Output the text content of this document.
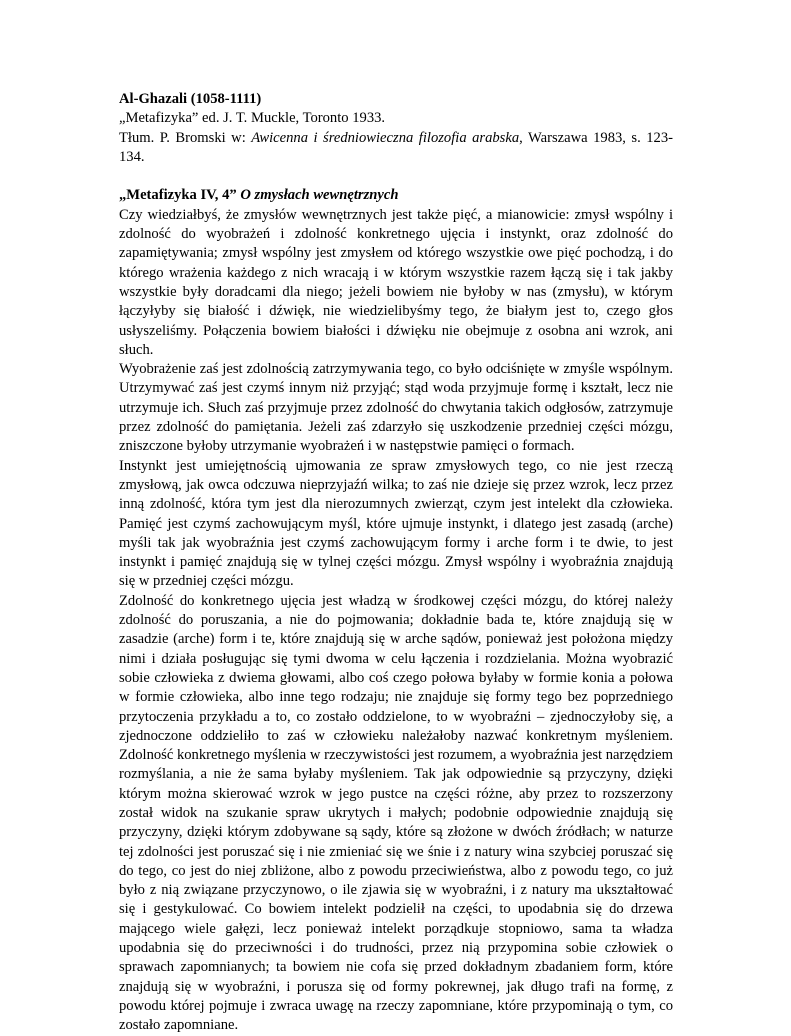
Al-Ghazali (1058-1111)

„Metafizyka” ed. J. T. Muckle, Toronto 1933.

Tłum. P. Bromski w: Awicenna i średniowieczna filozofia arabska, Warszawa 1983, s. 123-134.

„Metafizyka IV, 4” O zmysłach wewnętrznych

Czy wiedziałbyś, że zmysłów wewnętrznych jest także pięć, a mianowicie: zmysł wspólny i zdolność do wyobrażeń i zdolność konkretnego ujęcia i instynkt, oraz zdolność do zapamiętywania; zmysł wspólny jest zmysłem od którego wszystkie owe pięć pochodzą, i do którego wrażenia każdego z nich wracają i w którym wszystkie razem łączą się i tak jakby wszystkie były doradcami dla niego; jeżeli bowiem nie byłoby w nas (zmysłu), w którym łączyłyby się białość i dźwięk, nie wiedzielibyśmy tego, że białym jest to, czego głos usłyszeliśmy. Połączenia bowiem białości i dźwięku nie obejmuje z osobna ani wzrok, ani słuch.

Wyobrażenie zaś jest zdolnością zatrzymywania tego, co było odciśnięte w zmyśle wspólnym. Utrzymywać zaś jest czymś innym niż przyjąć; stąd woda przyjmuje formę i kształt, lecz nie utrzymuje ich. Słuch zaś przyjmuje przez zdolność do chwytania takich odgłosów, zatrzymuje przez zdolność do pamiętania. Jeżeli zaś zdarzyło się uszkodzenie przedniej części mózgu, zniszczone byłoby utrzymanie wyobrażeń i w następstwie pamięci o formach.

Instynkt jest umiejętnością ujmowania ze spraw zmysłowych tego, co nie jest rzeczą zmysłową, jak owca odczuwa nieprzyjaźń wilka; to zaś nie dzieje się przez wzrok, lecz przez inną zdolność, która tym jest dla nierozumnych zwierząt, czym jest intelekt dla człowieka. Pamięć jest czymś zachowującym myśl, które ujmuje instynkt, i dlatego jest zasadą (arche) myśli tak jak wyobraźnia jest czymś zachowującym formy i arche form i te dwie, to jest instynkt i pamięć znajdują się w tylnej części mózgu. Zmysł wspólny i wyobraźnia znajdują się w przedniej części mózgu.

Zdolność do konkretnego ujęcia jest władzą w środkowej części mózgu, do której należy zdolność do poruszania, a nie do pojmowania; dokładnie bada te, które znajdują się w zasadzie (arche) form i te, które znajdują się w arche sądów, ponieważ jest położona między nimi i działa posługując się tymi dwoma w celu łączenia i rozdzielania. Można wyobrazić sobie człowieka z dwiema głowami, albo coś czego połowa byłaby w formie konia a połowa w formie człowieka, albo inne tego rodzaju; nie znajduje się formy tego bez poprzedniego przytoczenia przykładu a to, co zostało oddzielone, to w wyobraźni – zjednoczyłoby się, a zjednoczone oddzieliło to zaś w człowieku należałoby nazwać konkretnym myśleniem. Zdolność konkretnego myślenia w rzeczywistości jest rozumem, a wyobraźnia jest narzędziem rozmyślania, a nie że sama byłaby myśleniem. Tak jak odpowiednie są przyczyny, dzięki którym można skierować wzrok w jego pustce na części różne, aby przez to rozszerzony został widok na szukanie spraw ukrytych i małych; podobnie odpowiednie znajdują się przyczyny, dzięki którym zdobywane są sądy, które są złożone w dwóch źródłach; w naturze tej zdolności jest poruszać się i nie zmieniać się we śnie i z natury wina szybciej poruszać się do tego, co jest do niej zbliżone, albo z powodu przeciwieństwa, albo z powodu tego, co już było z nią związane przyczynowo, o ile zjawia się w wyobraźni, i z natury ma ukształtować się i gestykulować. Co bowiem intelekt podzielił na części, to upodabnia się do drzewa mającego wiele gałęzi, lecz ponieważ intelekt porządkuje stopniowo, sama ta władza upodabnia się do przeciwności i do trudności, przez nią przypomina sobie człowiek o sprawach zapomnianych; ta bowiem nie cofa się przed dokładnym zbadaniem form, które znajdują się w wyobraźni, i porusza się od formy pokrewnej, jak długo trafi na formę, z powodu której pojmuje i zwraca uwagę na rzeczy zapomniane, które przypominają o tym, co zostało zapomniane.
